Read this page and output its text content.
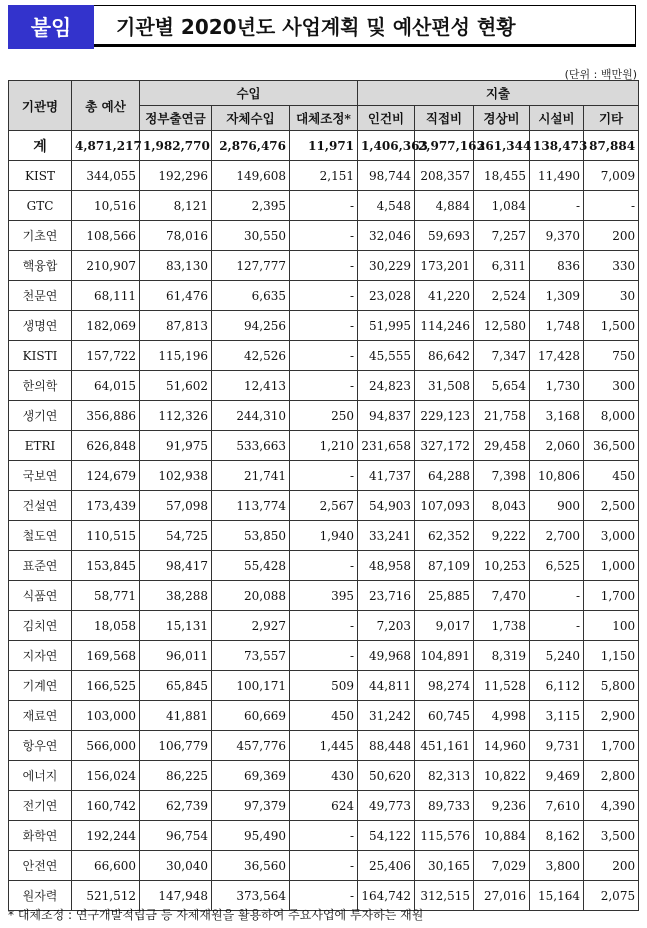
붙임	기관별 2020년도 사업계획 및 예산편성 현황
(단위 : 백만원)
기관명	총 예산	수입			지출				
		정부출연금	자체수입	대체조정*	인건비	직접비	경상비	시설비	기타
계	4,871,217	1,982,770	2,876,476	11,971	1,406,363	2,977,163	261,344	138,473	87,884
KIST	344,055	192,296	149,608	2,151	98,744	208,357	18,455	11,490	7,009
GTC	10,516	8,121	2,395	-	4,548	4,884	1,084	-	-
기초연	108,566	78,016	30,550	-	32,046	59,693	7,257	9,370	200
핵융합	210,907	83,130	127,777	-	30,229	173,201	6,311	836	330
천문연	68,111	61,476	6,635	-	23,028	41,220	2,524	1,309	30
생명연	182,069	87,813	94,256	-	51,995	114,246	12,580	1,748	1,500
KISTI	157,722	115,196	42,526	-	45,555	86,642	7,347	17,428	750
한의학	64,015	51,602	12,413	-	24,823	31,508	5,654	1,730	300
생기연	356,886	112,326	244,310	250	94,837	229,123	21,758	3,168	8,000
ETRI	626,848	91,975	533,663	1,210	231,658	327,172	29,458	2,060	36,500
국보연	124,679	102,938	21,741	-	41,737	64,288	7,398	10,806	450
건설연	173,439	57,098	113,774	2,567	54,903	107,093	8,043	900	2,500
철도연	110,515	54,725	53,850	1,940	33,241	62,352	9,222	2,700	3,000
표준연	153,845	98,417	55,428	-	48,958	87,109	10,253	6,525	1,000
식품연	58,771	38,288	20,088	395	23,716	25,885	7,470	-	1,700
김치연	18,058	15,131	2,927	-	7,203	9,017	1,738	-	100
지자연	169,568	96,011	73,557	-	49,968	104,891	8,319	5,240	1,150
기계연	166,525	65,845	100,171	509	44,811	98,274	11,528	6,112	5,800
재료연	103,000	41,881	60,669	450	31,242	60,745	4,998	3,115	2,900
항우연	566,000	106,779	457,776	1,445	88,448	451,161	14,960	9,731	1,700
에너지	156,024	86,225	69,369	430	50,620	82,313	10,822	9,469	2,800
전기연	160,742	62,739	97,379	624	49,773	89,733	9,236	7,610	4,390
화학연	192,244	96,754	95,490	-	54,122	115,576	10,884	8,162	3,500
안전연	66,600	30,040	36,560	-	25,406	30,165	7,029	3,800	200
원자력	521,512	147,948	373,564	-	164,742	312,515	27,016	15,164	2,075
* 대체조정 : 연구개발적립금 등 자체재원을 활용하여 주요사업에 투자하는 재원
